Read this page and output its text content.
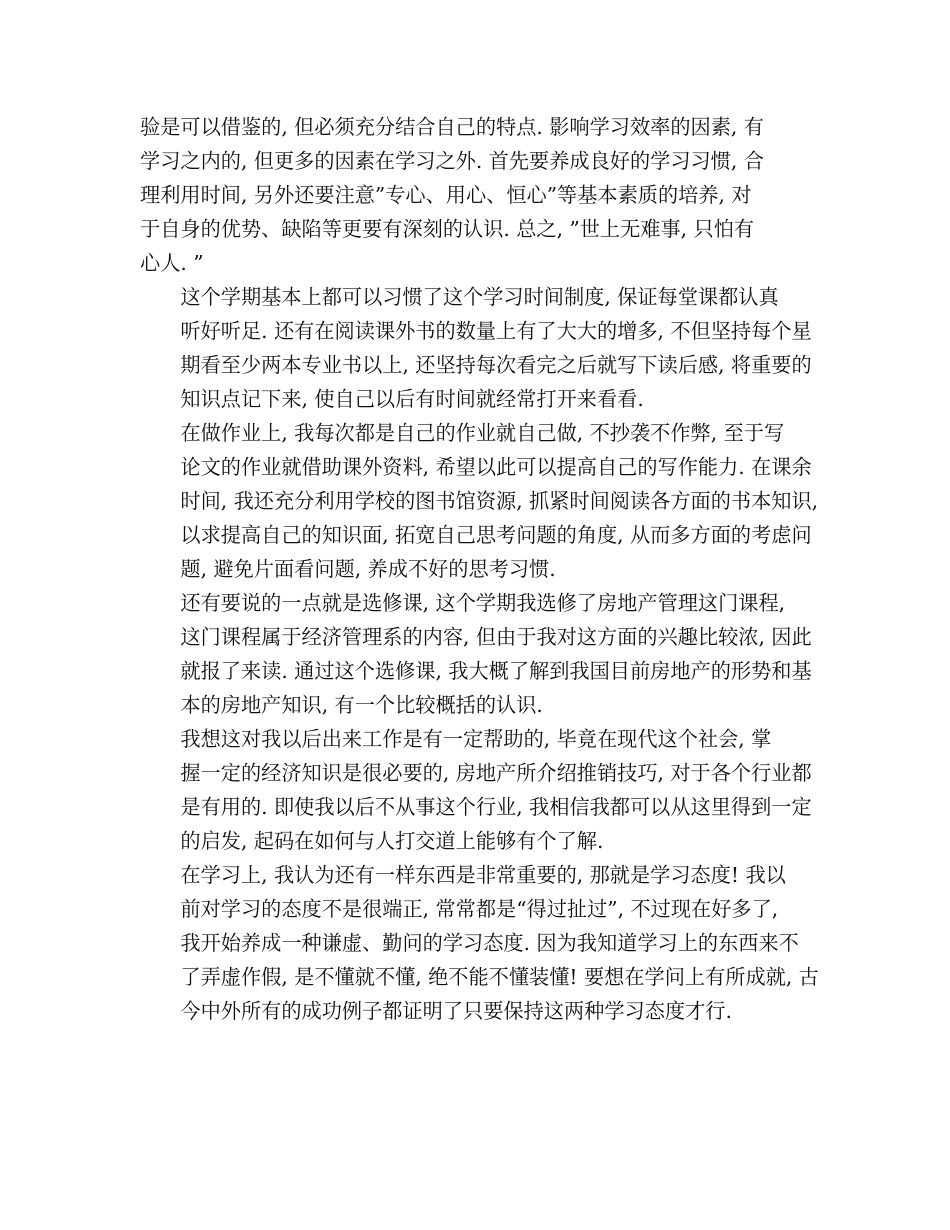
验是可以借鉴的, 但必须充分结合自己的特点. 影响学习效率的因素, 有
学习之内的, 但更多的因素在学习之外. 首先要养成良好的学习习惯, 合
理利用时间, 另外还要注意”专心、用心、恒心”等基本素质的培养, 对
于自身的优势、缺陷等更要有深刻的认识. 总之, ”世上无难事, 只怕有
心人. ”

这个学期基本上都可以习惯了这个学习时间制度, 保证每堂课都认真
听好听足. 还有在阅读课外书的数量上有了大大的增多, 不但坚持每个星
期看至少两本专业书以上, 还坚持每次看完之后就写下读后感, 将重要的
知识点记下来, 使自己以后有时间就经常打开来看看.

在做作业上, 我每次都是自己的作业就自己做, 不抄袭不作弊, 至于写
论文的作业就借助课外资料, 希望以此可以提高自己的写作能力. 在课余
时间, 我还充分利用学校的图书馆资源, 抓紧时间阅读各方面的书本知识,
以求提高自己的知识面, 拓宽自己思考问题的角度, 从而多方面的考虑问
题, 避免片面看问题, 养成不好的思考习惯.

还有要说的一点就是选修课, 这个学期我选修了房地产管理这门课程,
这门课程属于经济管理系的内容, 但由于我对这方面的兴趣比较浓, 因此
就报了来读. 通过这个选修课, 我大概了解到我国目前房地产的形势和基
本的房地产知识, 有一个比较概括的认识.

我想这对我以后出来工作是有一定帮助的, 毕竟在现代这个社会, 掌
握一定的经济知识是很必要的, 房地产所介绍推销技巧, 对于各个行业都
是有用的. 即使我以后不从事这个行业, 我相信我都可以从这里得到一定
的启发, 起码在如何与人打交道上能够有个了解.

在学习上, 我认为还有一样东西是非常重要的, 那就是学习态度! 我以
前对学习的态度不是很端正, 常常都是“得过扯过”, 不过现在好多了,
我开始养成一种谦虚、勤问的学习态度. 因为我知道学习上的东西来不
了弄虚作假, 是不懂就不懂, 绝不能不懂装懂! 要想在学问上有所成就, 古
今中外所有的成功例子都证明了只要保持这两种学习态度才行.
